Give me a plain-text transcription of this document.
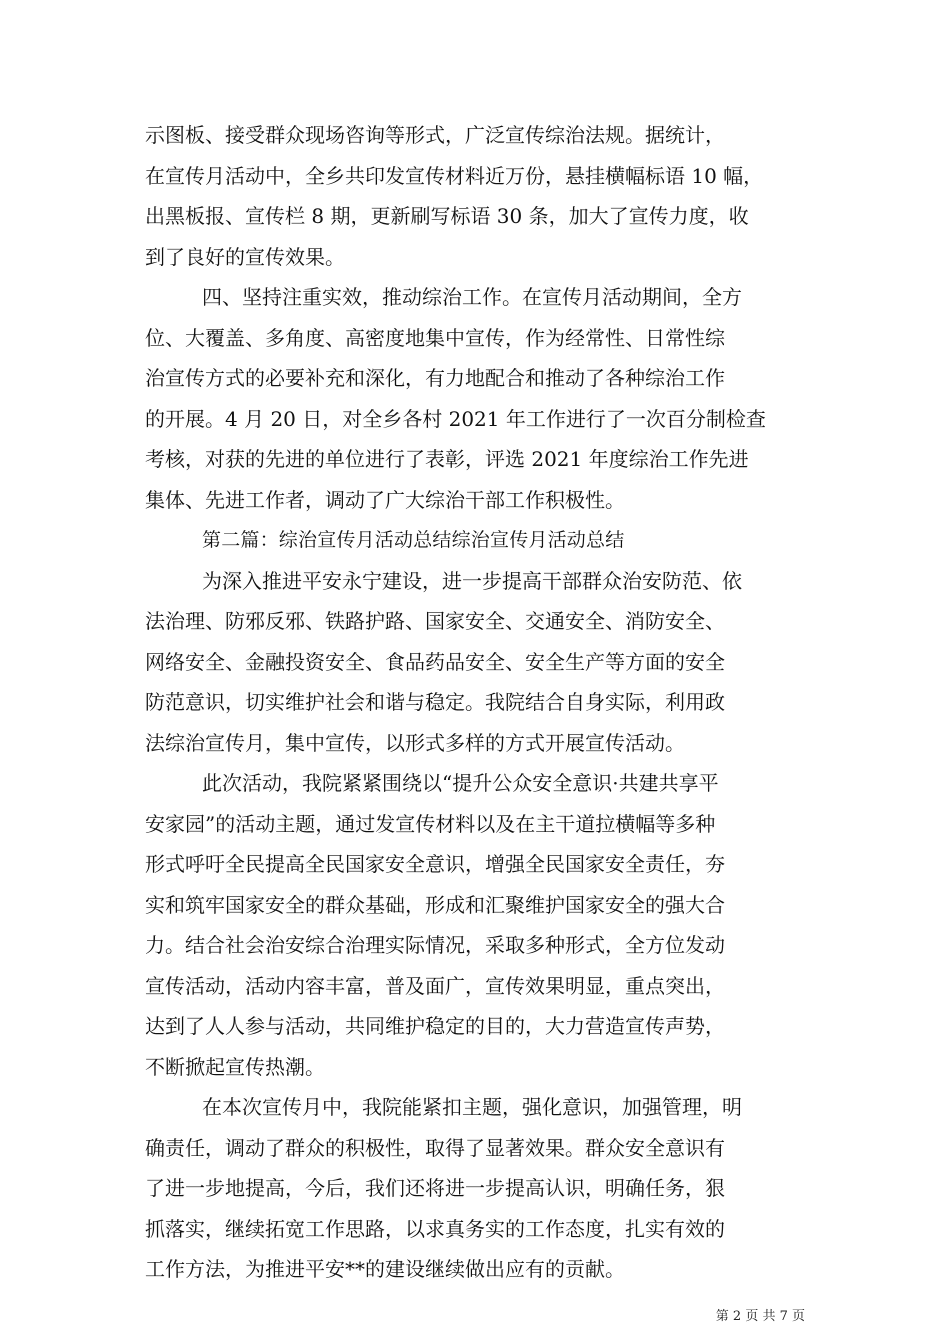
示图板、接受群众现场咨询等形式，广泛宣传综治法规。据统计，
在宣传月活动中，全乡共印发宣传材料近万份，悬挂横幅标语 10 幅，
出黑板报、宣传栏 8 期，更新刷写标语 30 条，加大了宣传力度，收
到了良好的宣传效果。
四、坚持注重实效，推动综治工作。在宣传月活动期间，全方
位、大覆盖、多角度、高密度地集中宣传，作为经常性、日常性综
治宣传方式的必要补充和深化，有力地配合和推动了各种综治工作
的开展。4 月 20 日，对全乡各村 2021 年工作进行了一次百分制检查
考核，对获的先进的单位进行了表彰，评选 2021 年度综治工作先进
集体、先进工作者，调动了广大综治干部工作积极性。
第二篇：综治宣传月活动总结综治宣传月活动总结
为深入推进平安永宁建设，进一步提高干部群众治安防范、依
法治理、防邪反邪、铁路护路、国家安全、交通安全、消防安全、
网络安全、金融投资安全、食品药品安全、安全生产等方面的安全
防范意识，切实维护社会和谐与稳定。我院结合自身实际，利用政
法综治宣传月，集中宣传，以形式多样的方式开展宣传活动。
此次活动，我院紧紧围绕以“提升公众安全意识·共建共享平
安家园”的活动主题，通过发宣传材料以及在主干道拉横幅等多种
形式呼吁全民提高全民国家安全意识，增强全民国家安全责任，夯
实和筑牢国家安全的群众基础，形成和汇聚维护国家安全的强大合
力。结合社会治安综合治理实际情况，采取多种形式，全方位发动
宣传活动，活动内容丰富，普及面广，宣传效果明显，重点突出，
达到了人人参与活动，共同维护稳定的目的，大力营造宣传声势，
不断掀起宣传热潮。
在本次宣传月中，我院能紧扣主题，强化意识，加强管理，明
确责任，调动了群众的积极性，取得了显著效果。群众安全意识有
了进一步地提高，今后，我们还将进一步提高认识，明确任务，狠
抓落实，继续拓宽工作思路，以求真务实的工作态度，扎实有效的
工作方法，为推进平安**的建设继续做出应有的贡献。
第 2 页 共 7 页
